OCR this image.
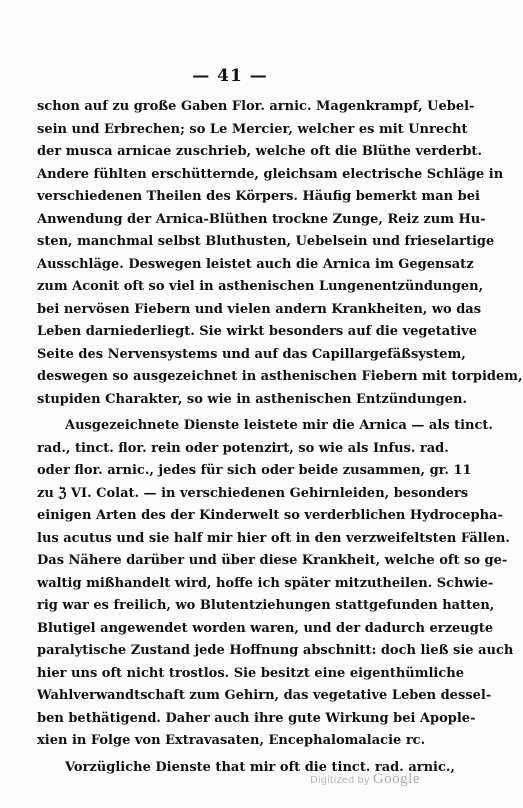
— 41 —
schon auf zu große Gaben Flor. arnic. Magenkrampf, Uebel-
sein und Erbrechen; so Le Mercier, welcher es mit Unrecht
der musca arnicae zuschrieb, welche oft die Blüthe verderbt.
Andere fühlten erschütternde, gleichsam electrische Schläge in
verschiedenen Theilen des Körpers. Häufig bemerkt man bei
Anwendung der Arnica-Blüthen trockne Zunge, Reiz zum Hu-
sten, manchmal selbst Bluthusten, Uebelsein und frieselartige
Ausschläge. Deswegen leistet auch die Arnica im Gegensatz
zum Aconit oft so viel in asthenischen Lungenentzündungen,
bei nervösen Fiebern und vielen andern Krankheiten, wo das
Leben darniederliegt. Sie wirkt besonders auf die vegetative
Seite des Nervensystems und auf das Capillargefäßsystem,
deswegen so ausgezeichnet in asthenischen Fiebern mit torpidem,
stupiden Charakter, so wie in asthenischen Entzündungen.
Ausgezeichnete Dienste leistete mir die Arnica — als tinct.
rad., tinct. flor. rein oder potenzirt, so wie als Infus. rad.
oder flor. arnic., jedes für sich oder beide zusammen, gr. 11
zu ℨ VI. Colat. — in verschiedenen Gehirnleiden, besonders
einigen Arten des der Kinderwelt so verderblichen Hydrocepha-
lus acutus und sie half mir hier oft in den verzweifeltsten Fällen.
Das Nähere darüber und über diese Krankheit, welche oft so ge-
waltig mißhandelt wird, hoffe ich später mitzutheilen. Schwie-
rig war es freilich, wo Blutentziehungen stattgefunden hatten,
Blutigel angewendet worden waren, und der dadurch erzeugte
paralytische Zustand jede Hoffnung abschnitt: doch ließ sie auch
hier uns oft nicht trostlos. Sie besitzt eine eigenthümliche
Wahlverwandtschaft zum Gehirn, das vegetative Leben dessel-
ben bethätigend. Daher auch ihre gute Wirkung bei Apople-
xien in Folge von Extravasaten, Encephalomalacie rc.
Vorzügliche Dienste that mir oft die tinct. rad. arnic.,
Digitized by Google
